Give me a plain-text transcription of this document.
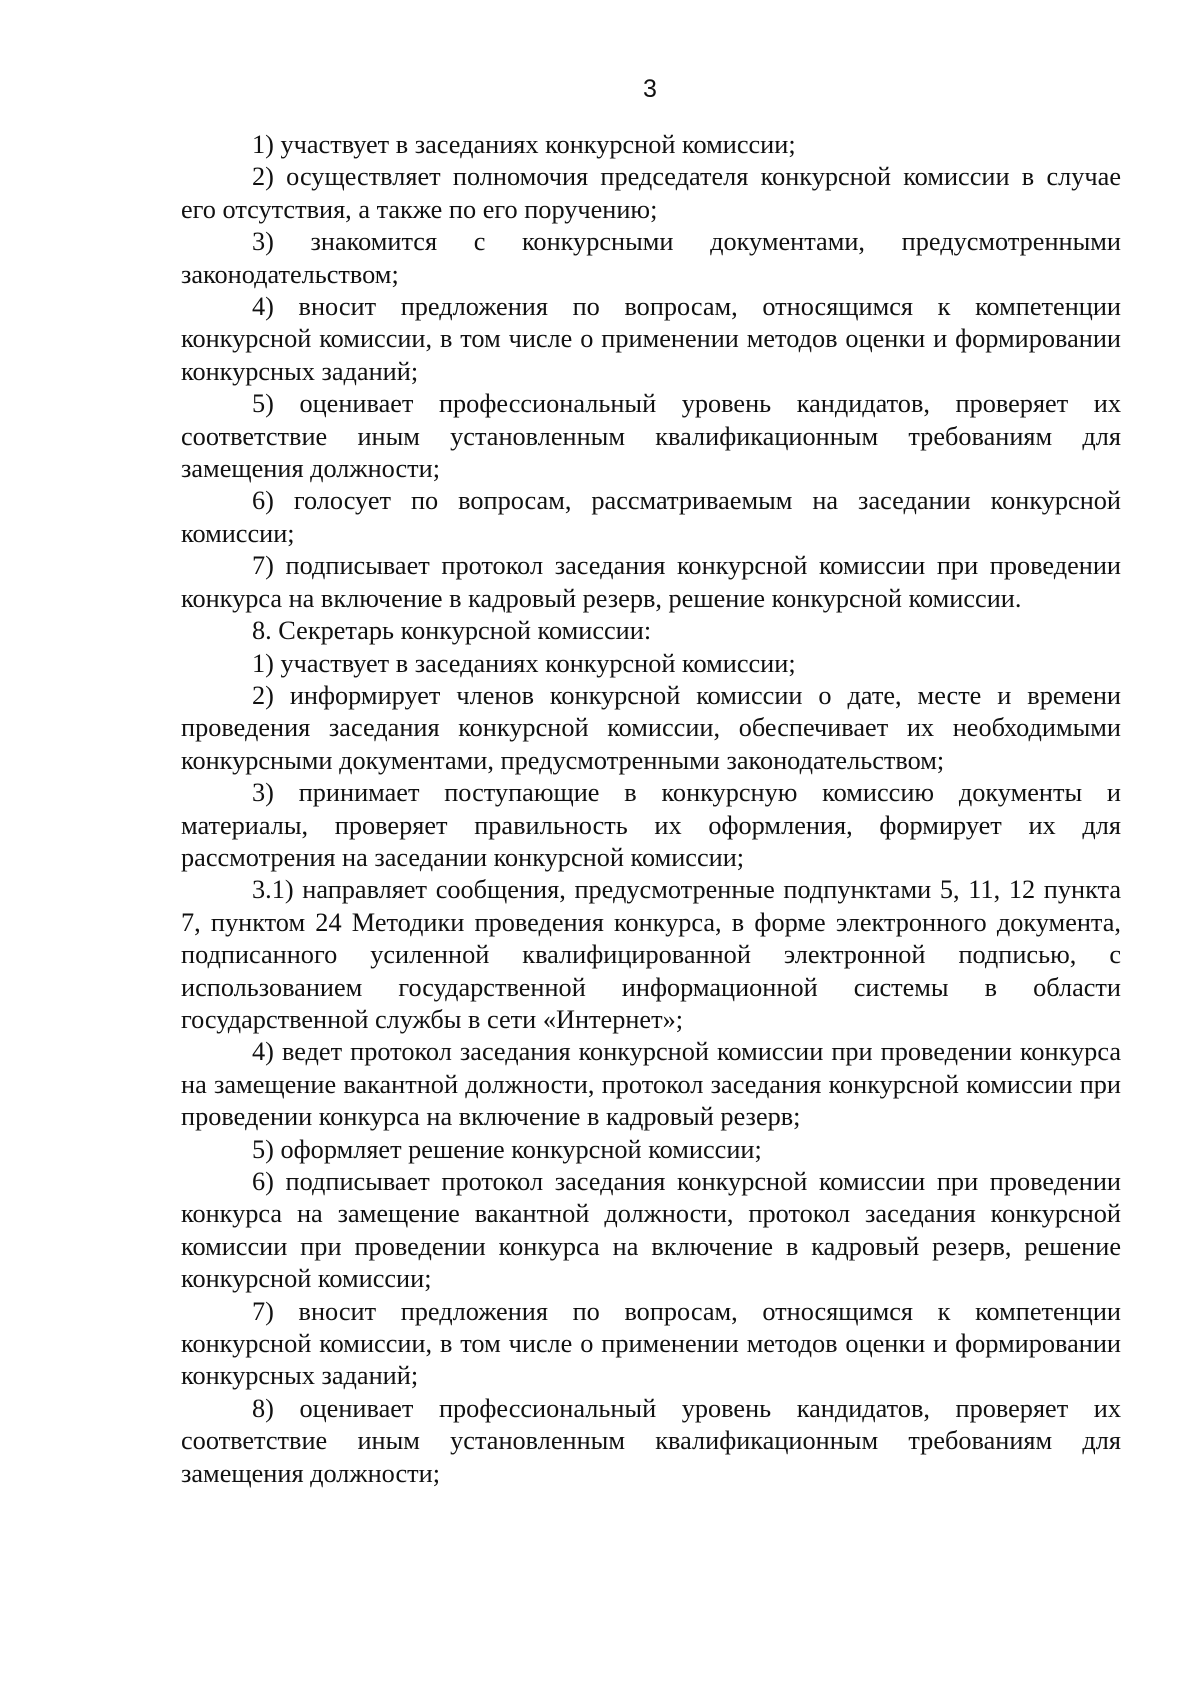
3

1) участвует в заседаниях конкурсной комиссии;

2) осуществляет полномочия председателя конкурсной комиссии в случае его отсутствия, а также по его поручению;

3) знакомится с конкурсными документами, предусмотренными законодательством;

4) вносит предложения по вопросам, относящимся к компетенции конкурсной комиссии, в том числе о применении методов оценки и формировании конкурсных заданий;

5) оценивает профессиональный уровень кандидатов, проверяет их соответствие иным установленным квалификационным требованиям для замещения должности;

6) голосует по вопросам, рассматриваемым на заседании конкурсной комиссии;

7) подписывает протокол заседания конкурсной комиссии при проведении конкурса на включение в кадровый резерв, решение конкурсной комиссии.

8. Секретарь конкурсной комиссии:

1) участвует в заседаниях конкурсной комиссии;

2) информирует членов конкурсной комиссии о дате, месте и времени проведения заседания конкурсной комиссии, обеспечивает их необходимыми конкурсными документами, предусмотренными законодательством;

3) принимает поступающие в конкурсную комиссию документы и материалы, проверяет правильность их оформления, формирует их для рассмотрения на заседании конкурсной комиссии;

3.1) направляет сообщения, предусмотренные подпунктами 5, 11, 12 пункта 7, пунктом 24 Методики проведения конкурса, в форме электронного документа, подписанного усиленной квалифицированной электронной подписью, с использованием государственной информационной системы в области государственной службы в сети «Интернет»;

4) ведет протокол заседания конкурсной комиссии при проведении конкурса на замещение вакантной должности, протокол заседания конкурсной комиссии при проведении конкурса на включение в кадровый резерв;

5) оформляет решение конкурсной комиссии;

6) подписывает протокол заседания конкурсной комиссии при проведении конкурса на замещение вакантной должности, протокол заседания конкурсной комиссии при проведении конкурса на включение в кадровый резерв, решение конкурсной комиссии;

7) вносит предложения по вопросам, относящимся к компетенции конкурсной комиссии, в том числе о применении методов оценки и формировании конкурсных заданий;

8) оценивает профессиональный уровень кандидатов, проверяет их соответствие иным установленным квалификационным требованиям для замещения должности;
